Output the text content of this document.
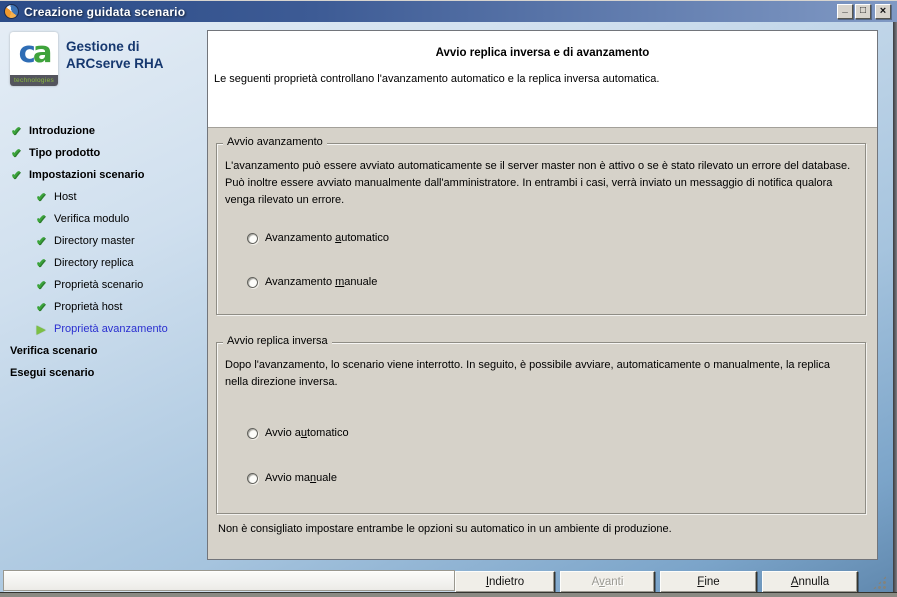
Creazione guidata scenario	_	□	×
ca
technologies
Gestione di
ARCserve RHA
✔ Introduzione
✔ Tipo prodotto
✔ Impostazioni scenario
✔ Host
✔ Verifica modulo
✔ Directory master
✔ Directory replica
✔ Proprietà scenario
✔ Proprietà host
▶ Proprietà avanzamento
Verifica scenario
Esegui scenario
Avvio replica inversa e di avanzamento
Le seguenti proprietà controllano l'avanzamento automatico e la replica inversa automatica.
Avvio avanzamento
L'avanzamento può essere avviato automaticamente se il server master non è attivo o se è stato rilevato un errore del database. Può inoltre essere avviato manualmente dall'amministratore. In entrambi i casi, verrà inviato un messaggio di notifica qualora venga rilevato un errore.
Avanzamento automatico
Avanzamento manuale
Avvio replica inversa
Dopo l'avanzamento, lo scenario viene interrotto. In seguito, è possibile avviare, automaticamente o manualmente, la replica nella direzione inversa.
Avvio automatico
Avvio manuale
Non è consigliato impostare entrambe le opzioni su automatico in un ambiente di produzione.
Indietro	Avanti	Fine	Annulla
